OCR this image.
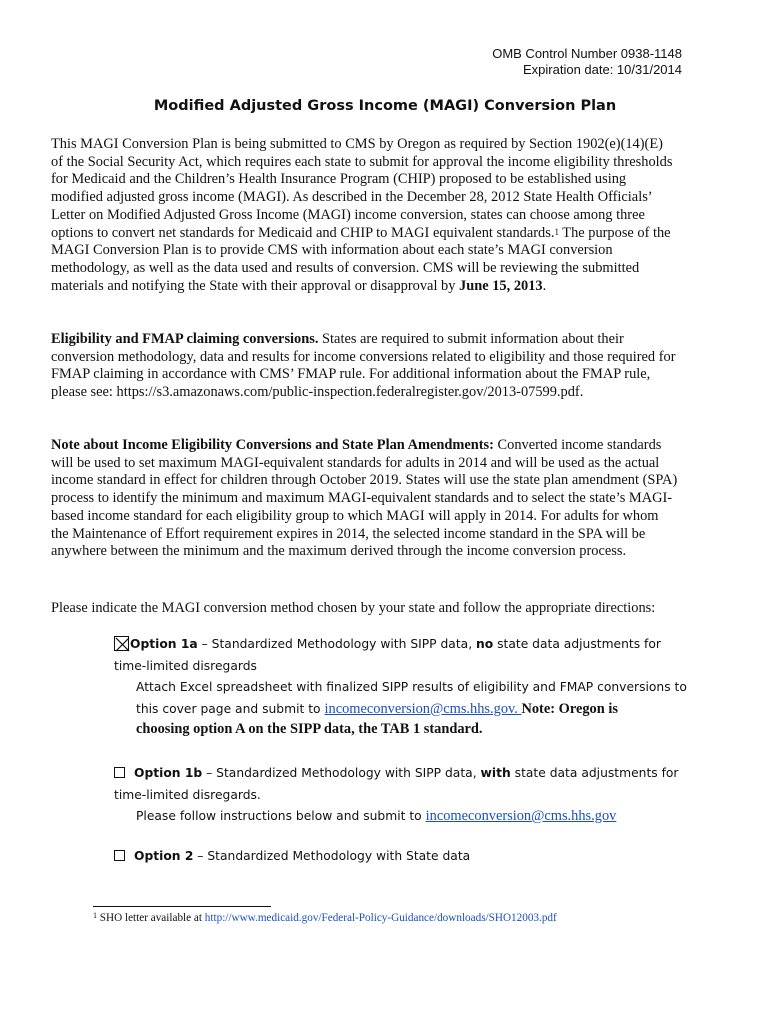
OMB Control Number 0938-1148
Expiration date: 10/31/2014
Modified Adjusted Gross Income (MAGI) Conversion Plan
This MAGI Conversion Plan is being submitted to CMS by Oregon as required by Section 1902(e)(14)(E) of the Social Security Act, which requires each state to submit for approval the income eligibility thresholds for Medicaid and the Children’s Health Insurance Program (CHIP) proposed to be established using modified adjusted gross income (MAGI). As described in the December 28, 2012 State Health Officials’ Letter on Modified Adjusted Gross Income (MAGI) income conversion, states can choose among three options to convert net standards for Medicaid and CHIP to MAGI equivalent standards.$^1$ The purpose of the MAGI Conversion Plan is to provide CMS with information about each state’s MAGI conversion methodology, as well as the data used and results of conversion. CMS will be reviewing the submitted materials and notifying the State with their approval or disapproval by June 15, 2013.
Eligibility and FMAP claiming conversions. States are required to submit information about their conversion methodology, data and results for income conversions related to eligibility and those required for FMAP claiming in accordance with CMS’ FMAP rule. For additional information about the FMAP rule, please see: https://s3.amazonaws.com/public-inspection.federalregister.gov/2013-07599.pdf.
Note about Income Eligibility Conversions and State Plan Amendments: Converted income standards will be used to set maximum MAGI-equivalent standards for adults in 2014 and will be used as the actual income standard in effect for children through October 2019. States will use the state plan amendment (SPA) process to identify the minimum and maximum MAGI-equivalent standards and to select the state’s MAGI-based income standard for each eligibility group to which MAGI will apply in 2014. For adults for whom the Maintenance of Effort requirement expires in 2014, the selected income standard in the SPA will be anywhere between the minimum and the maximum derived through the income conversion process.
Please indicate the MAGI conversion method chosen by your state and follow the appropriate directions:
Option 1a – Standardized Methodology with SIPP data, no state data adjustments for time-limited disregards
Attach Excel spreadsheet with finalized SIPP results of eligibility and FMAP conversions to this cover page and submit to incomeconversion@cms.hhs.gov. Note: Oregon is
choosing option A on the SIPP data, the TAB 1 standard.
Option 1b – Standardized Methodology with SIPP data, with state data adjustments for time-limited disregards.
Please follow instructions below and submit to incomeconversion@cms.hhs.gov
Option 2 – Standardized Methodology with State data
$^1$ SHO letter available at http://www.medicaid.gov/Federal-Policy-Guidance/downloads/SHO12003.pdf
